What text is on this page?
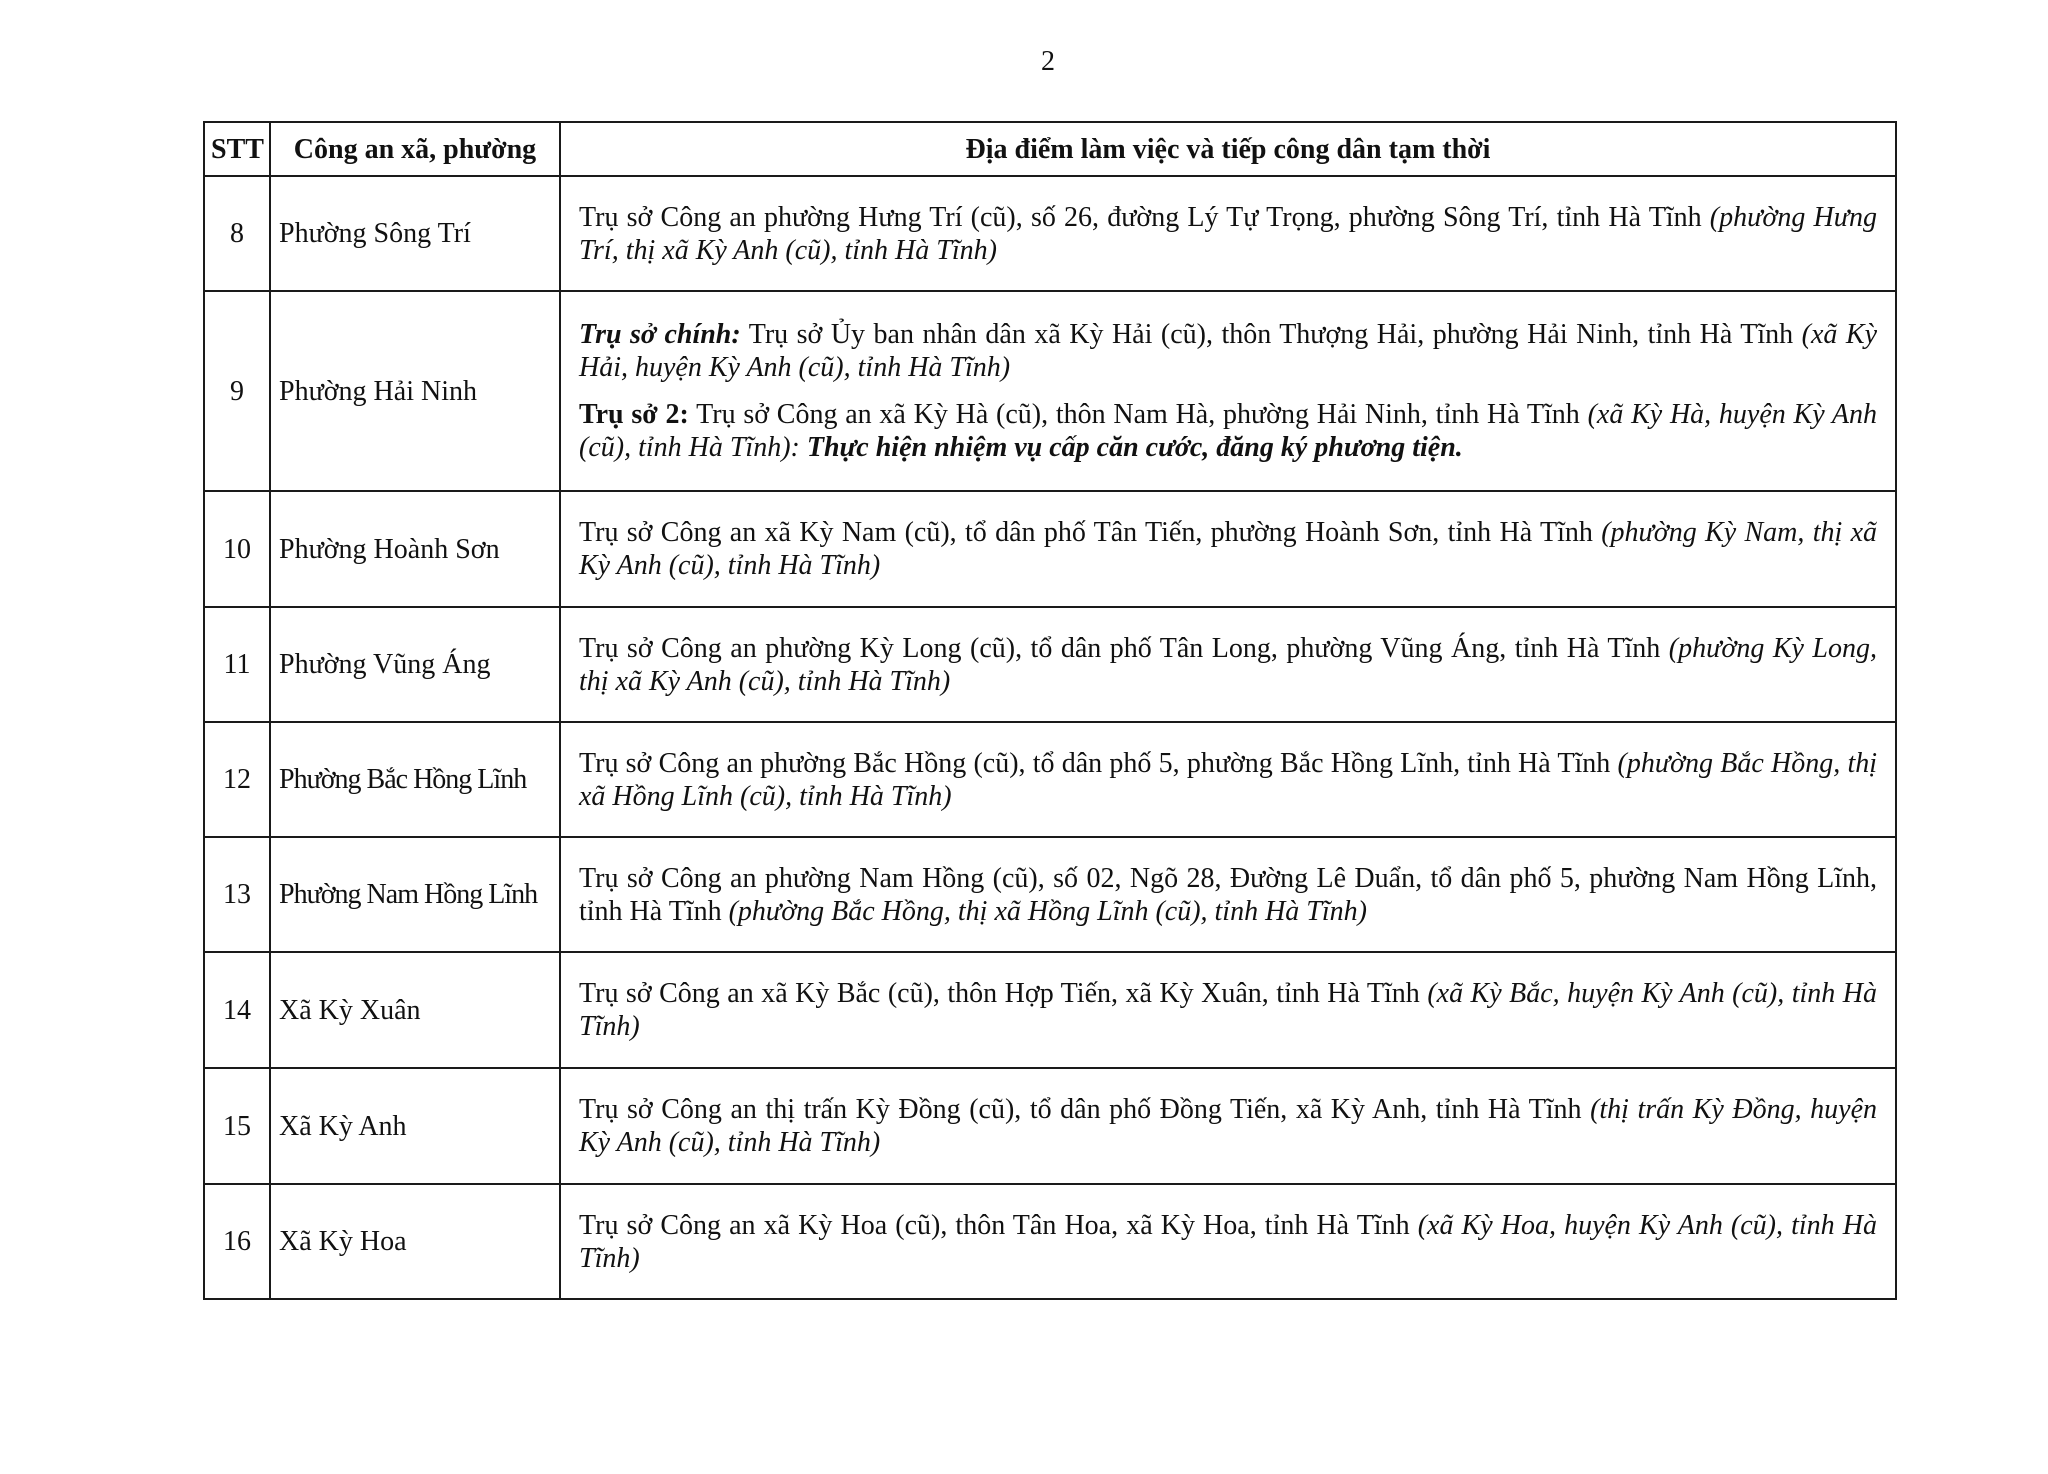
2
STT	Công an xã, phường	Địa điểm làm việc và tiếp công dân tạm thời
8	Phường Sông Trí	Trụ sở Công an phường Hưng Trí (cũ), số 26, đường Lý Tự Trọng, phường Sông Trí, tỉnh Hà Tĩnh (phường Hưng Trí, thị xã Kỳ Anh (cũ), tỉnh Hà Tĩnh)
9	Phường Hải Ninh	Trụ sở chính: Trụ sở Ủy ban nhân dân xã Kỳ Hải (cũ), thôn Thượng Hải, phường Hải Ninh, tỉnh Hà Tĩnh (xã Kỳ Hải, huyện Kỳ Anh (cũ), tỉnh Hà Tĩnh)

Trụ sở 2: Trụ sở Công an xã Kỳ Hà (cũ), thôn Nam Hà, phường Hải Ninh, tỉnh Hà Tĩnh (xã Kỳ Hà, huyện Kỳ Anh (cũ), tỉnh Hà Tĩnh): Thực hiện nhiệm vụ cấp căn cước, đăng ký phương tiện.

10	Phường Hoành Sơn	Trụ sở Công an xã Kỳ Nam (cũ), tổ dân phố Tân Tiến, phường Hoành Sơn, tỉnh Hà Tĩnh (phường Kỳ Nam, thị xã Kỳ Anh (cũ), tỉnh Hà Tĩnh)
11	Phường Vũng Áng	Trụ sở Công an phường Kỳ Long (cũ), tổ dân phố Tân Long, phường Vũng Áng, tỉnh Hà Tĩnh (phường Kỳ Long, thị xã Kỳ Anh (cũ), tỉnh Hà Tĩnh)
12	Phường Bắc Hồng Lĩnh	Trụ sở Công an phường Bắc Hồng (cũ), tổ dân phố 5, phường Bắc Hồng Lĩnh, tỉnh Hà Tĩnh (phường Bắc Hồng, thị xã Hồng Lĩnh (cũ), tỉnh Hà Tĩnh)
13	Phường Nam Hồng Lĩnh	Trụ sở Công an phường Nam Hồng (cũ), số 02, Ngõ 28, Đường Lê Duẩn, tổ dân phố 5, phường Nam Hồng Lĩnh, tỉnh Hà Tĩnh (phường Bắc Hồng, thị xã Hồng Lĩnh (cũ), tỉnh Hà Tĩnh)
14	Xã Kỳ Xuân	Trụ sở Công an xã Kỳ Bắc (cũ), thôn Hợp Tiến, xã Kỳ Xuân, tỉnh Hà Tĩnh (xã Kỳ Bắc, huyện Kỳ Anh (cũ), tỉnh Hà Tĩnh)
15	Xã Kỳ Anh	Trụ sở Công an thị trấn Kỳ Đồng (cũ), tổ dân phố Đồng Tiến, xã Kỳ Anh, tỉnh Hà Tĩnh (thị trấn Kỳ Đồng, huyện Kỳ Anh (cũ), tỉnh Hà Tĩnh)
16	Xã Kỳ Hoa	Trụ sở Công an xã Kỳ Hoa (cũ), thôn Tân Hoa, xã Kỳ Hoa, tỉnh Hà Tĩnh (xã Kỳ Hoa, huyện Kỳ Anh (cũ), tỉnh Hà Tĩnh)
